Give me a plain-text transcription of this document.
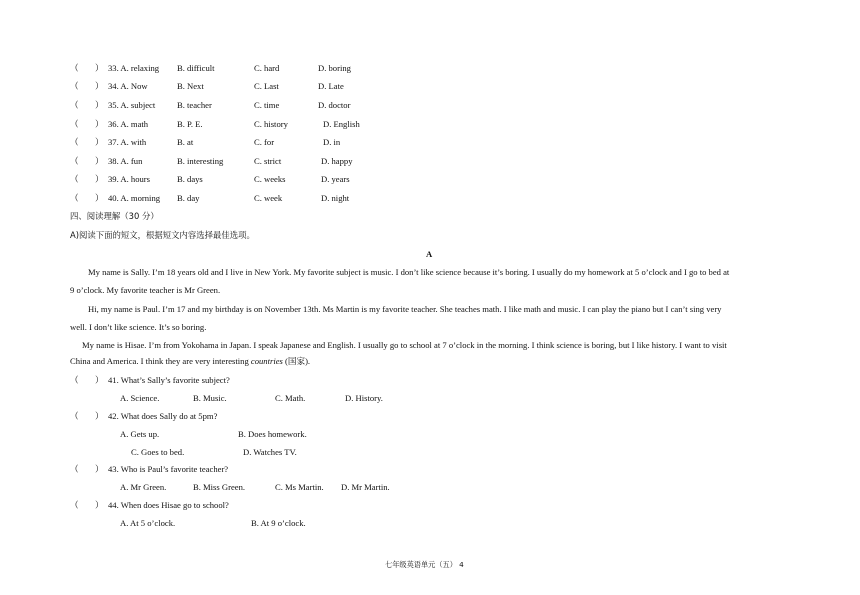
（ ） 33. A. relaxing B. difficult	C. hard	D. boring
（ ） 34. A. Now	B. Next	C. Last	D. Late
（ ） 35. A. subject	B. teacher	C. time	D. doctor
（ ） 36. A. math	B. P. E.	C. history	D. English
（ ） 37. A. with	B. at	C. for	D. in
（ ） 38. A. fun	B. interesting	C. strict	D. happy
（ ） 39. A. hours	B. days	C. weeks	D. years
（ ） 40. A. morning B. day	C. week	D. night
四、阅读理解（30 分）
A)阅读下面的短文，根据短文内容选择最佳选项。
A
My name is Sally. I’m 18 years old and I live in New York. My favorite subject is music. I don’t like science because it’s boring. I usually do my homework at 5 o’clock and I go to bed at
9 o’clock. My favorite teacher is Mr Green.
Hi, my name is Paul. I’m 17 and my birthday is on November 13th. Ms Martin is my favorite teacher. She teaches math. I like math and music. I can play the piano but I can’t sing very
well. I don’t like science. It’s so boring.
My name is Hisae. I’m from Yokohama in Japan. I speak Japanese and English. I usually go to school at 7 o’clock in the morning. I think science is boring, but I like history. I want to visit
China and America. I think they are very interesting countries (国家).
（ ） 41. What’s Sally’s favorite subject?
A. Science.	B. Music.	C. Math.	D. History.
（ ） 42. What does Sally do at 5pm?
A. Gets up.	B. Does homework.
C. Goes to bed.	D. Watches TV.
（ ） 43. Who is Paul’s favorite teacher?
A. Mr Green.	B. Miss Green.	C. Ms Martin. D. Mr Martin.
（ ） 44. When does Hisae go to school?
A. At 5 o’clock.	B. At 9 o’clock.
七年级英语单元（五） 4
